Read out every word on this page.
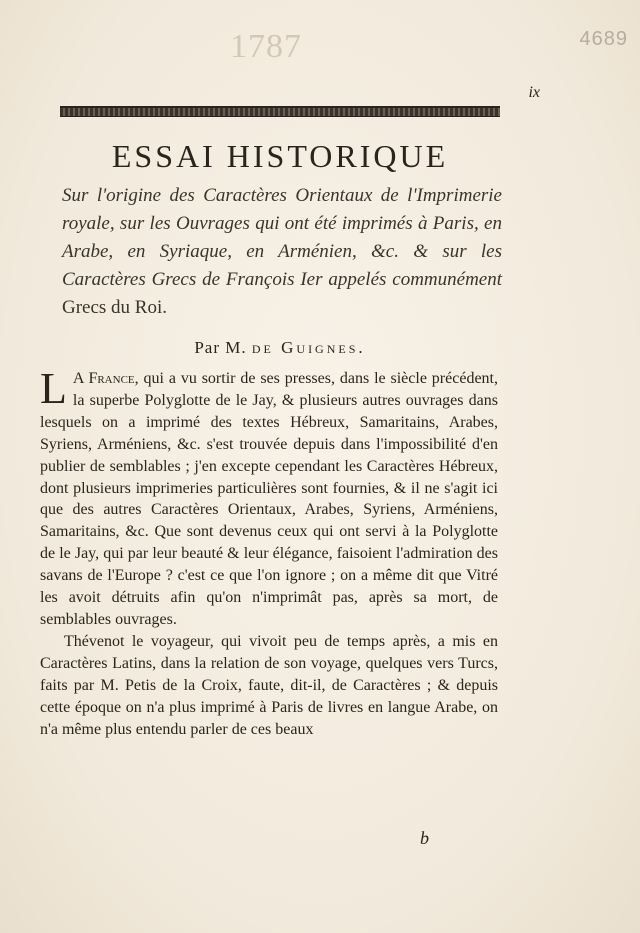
1787	4689
ix
ESSAI HISTORIQUE
Sur l'origine des Caractères Orientaux de l'Imprimerie royale, sur les Ouvrages qui ont été imprimés à Paris, en Arabe, en Syriaque, en Arménien, &c. & sur les Caractères Grecs de François Ier appelés communément Grecs du Roi.
Par M. de Guignes.

L A France, qui a vu sortir de ses presses, dans le siècle précédent, la superbe Polyglotte de le Jay, & plusieurs autres ouvrages dans lesquels on a imprimé des textes Hébreux, Samaritains, Arabes, Syriens, Arméniens, &c. s'est trouvée depuis dans l'impossibilité d'en publier de semblables ; j'en excepte cependant les Caractères Hébreux, dont plusieurs imprimeries particulières sont fournies, & il ne s'agit ici que des autres Caractères Orientaux, Arabes, Syriens, Arméniens, Samaritains, &c. Que sont devenus ceux qui ont servi à la Polyglotte de le Jay, qui par leur beauté & leur élégance, faisoient l'admiration des savans de l'Europe ? c'est ce que l'on ignore ; on a même dit que Vitré les avoit détruits afin qu'on n'imprimât pas, après sa mort, de semblables ouvrages.

Thévenot le voyageur, qui vivoit peu de temps après, a mis en Caractères Latins, dans la relation de son voyage, quelques vers Turcs, faits par M. Petis de la Croix, faute, dit-il, de Caractères ; & depuis cette époque on n'a plus imprimé à Paris de livres en langue Arabe, on n'a même plus entendu parler de ces beaux

b
